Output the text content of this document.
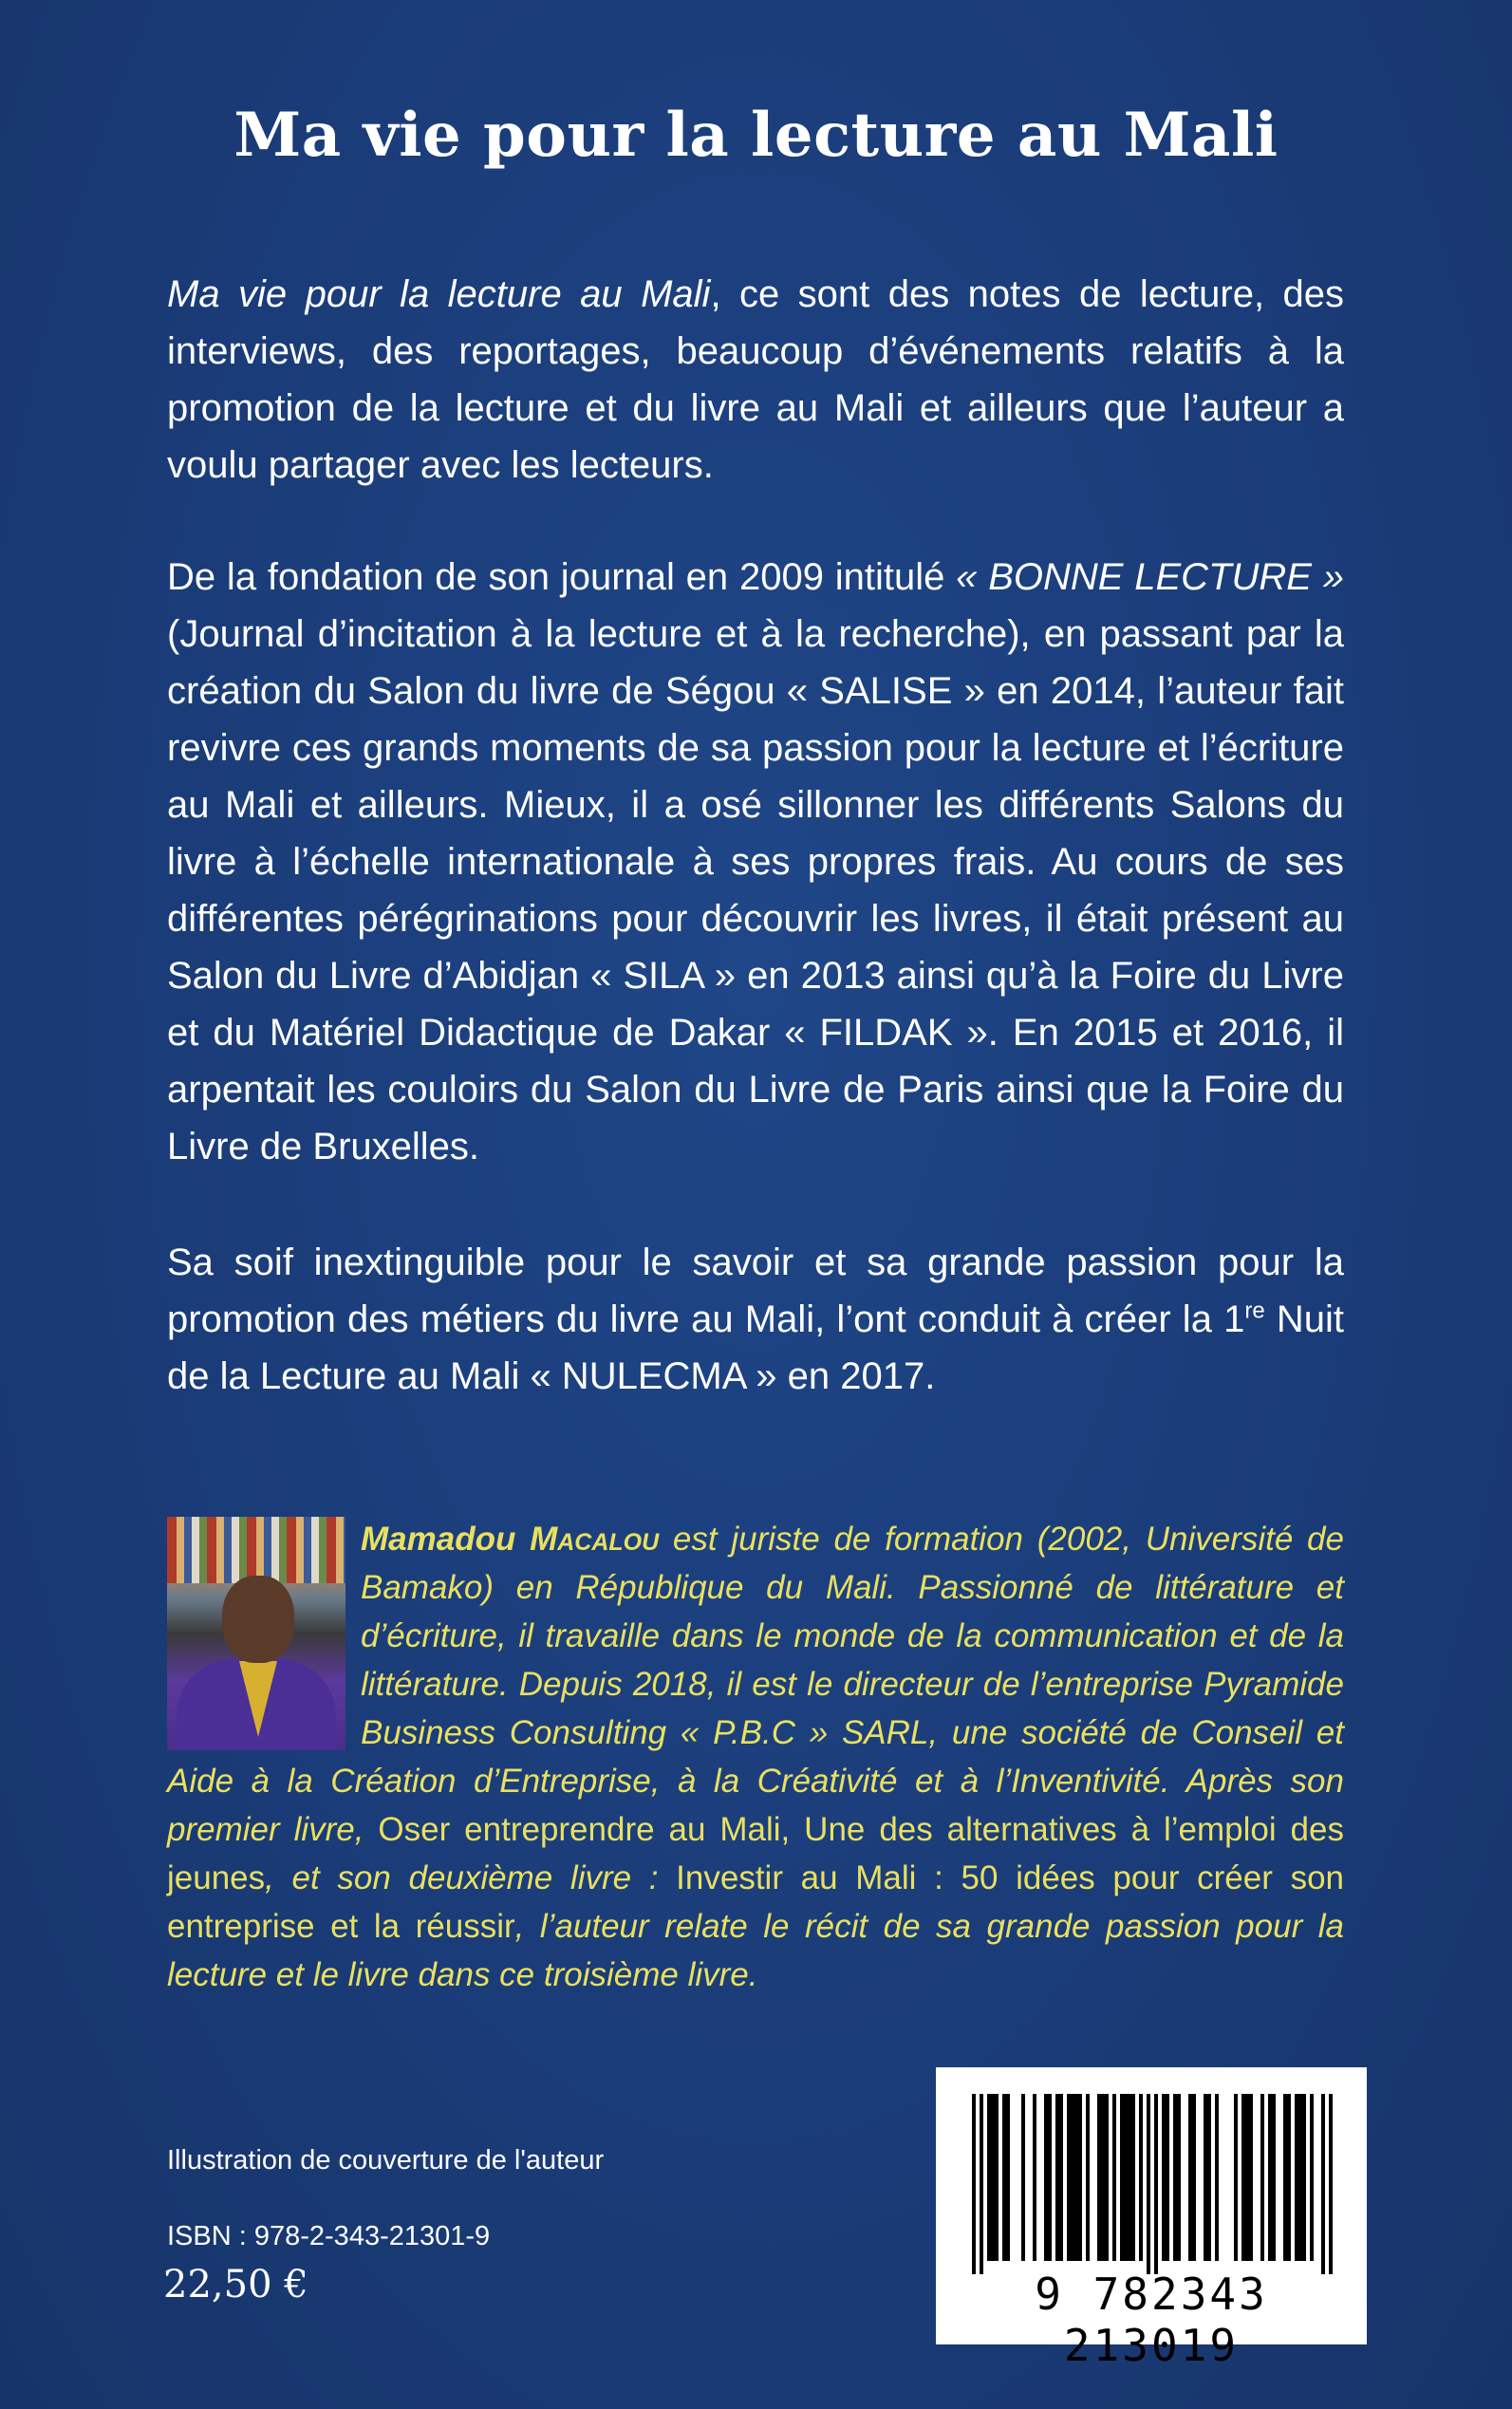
Ma vie pour la lecture au Mali

Ma vie pour la lecture au Mali, ce sont des notes de lecture, des interviews, des reportages, beaucoup d’événements relatifs à la promotion de la lecture et du livre au Mali et ailleurs que l’auteur a voulu partager avec les lecteurs.

De la fondation de son journal en 2009 intitulé « BONNE LECTURE » (Journal d’incitation à la lecture et à la recherche), en passant par la création du Salon du livre de Ségou « SALISE » en 2014, l’auteur fait revivre ces grands moments de sa passion pour la lecture et l’écriture au Mali et ailleurs. Mieux, il a osé sillonner les différents Salons du livre à l’échelle internationale à ses propres frais. Au cours de ses différentes pérégrinations pour découvrir les livres, il était présent au Salon du Livre d’Abidjan « SILA » en 2013 ainsi qu’à la Foire du Livre et du Matériel Didactique de Dakar « FILDAK ». En 2015 et 2016, il arpentait les couloirs du Salon du Livre de Paris ainsi que la Foire du Livre de Bruxelles.

Sa soif inextinguible pour le savoir et sa grande passion pour la promotion des métiers du livre au Mali, l’ont conduit à créer la 1re Nuit de la Lecture au Mali « NULECMA » en 2017.

Mamadou Macalou est juriste de formation (2002, Université de Bamako) en République du Mali. Passionné de littérature et d’écriture, il travaille dans le monde de la communication et de la littérature. Depuis 2018, il est le directeur de l’entreprise Pyramide Business Consulting « P.B.C » SARL, une société de Conseil et Aide à la Création d’Entreprise, à la Créativité et à l’Inventivité. Après son premier livre, Oser entreprendre au Mali, Une des alternatives à l’emploi des jeunes, et son deuxième livre : Investir au Mali : 50 idées pour créer son entreprise et la réussir, l’auteur relate le récit de sa grande passion pour la lecture et le livre dans ce troisième livre.
Illustration de couverture de l'auteur
ISBN : 978-2-343-21301-9
22,50 €	9 782343 213019
